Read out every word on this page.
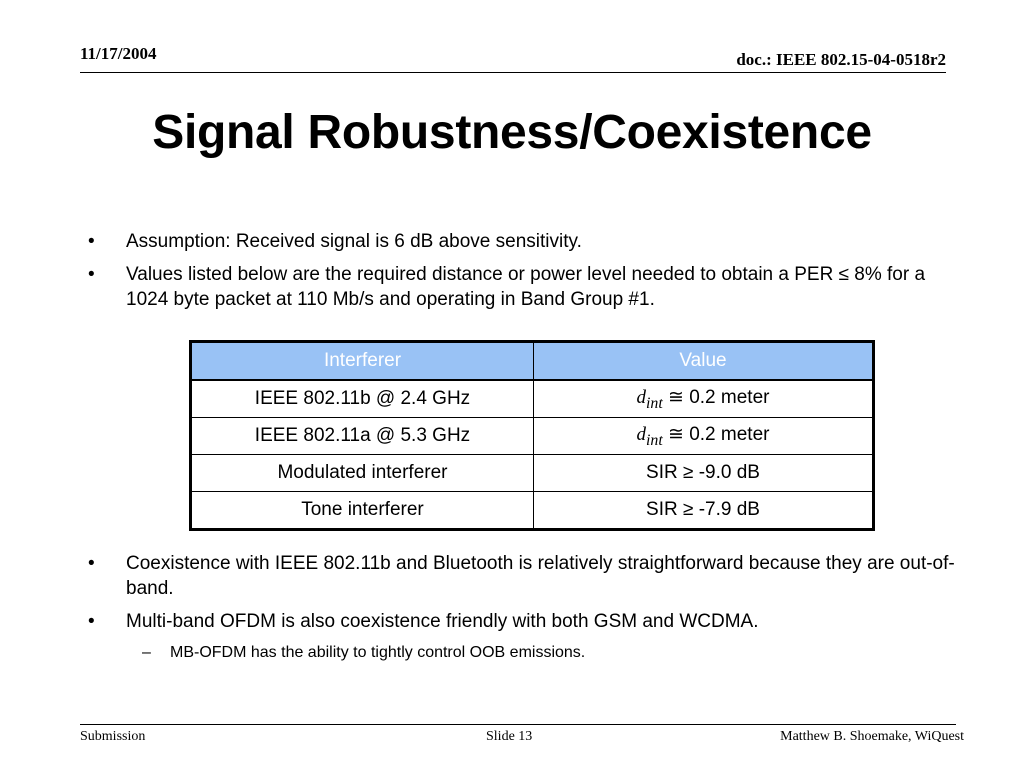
11/17/2004	doc.: IEEE 802.15-04-0518r2
Signal Robustness/Coexistence
• Assumption: Received signal is 6 dB above sensitivity.
• Values listed below are the required distance or power level needed to obtain a PER ≤ 8% for a 1024 byte packet at 110 Mb/s and operating in Band Group #1.
Interferer	Value
IEEE 802.11b @ 2.4 GHz	$d_{int}$ ≅ 0.2 meter
IEEE 802.11a @ 5.3 GHz	$d_{int}$ ≅ 0.2 meter
Modulated interferer	SIR ≥ -9.0 dB
Tone interferer	SIR ≥ -7.9 dB
• Coexistence with IEEE 802.11b and Bluetooth is relatively straightforward because they are out-of-band.
• Multi-band OFDM is also coexistence friendly with both GSM and WCDMA.
– MB-OFDM has the ability to tightly control OOB emissions.
Submission	Slide 13	Matthew B. Shoemake, WiQuest
